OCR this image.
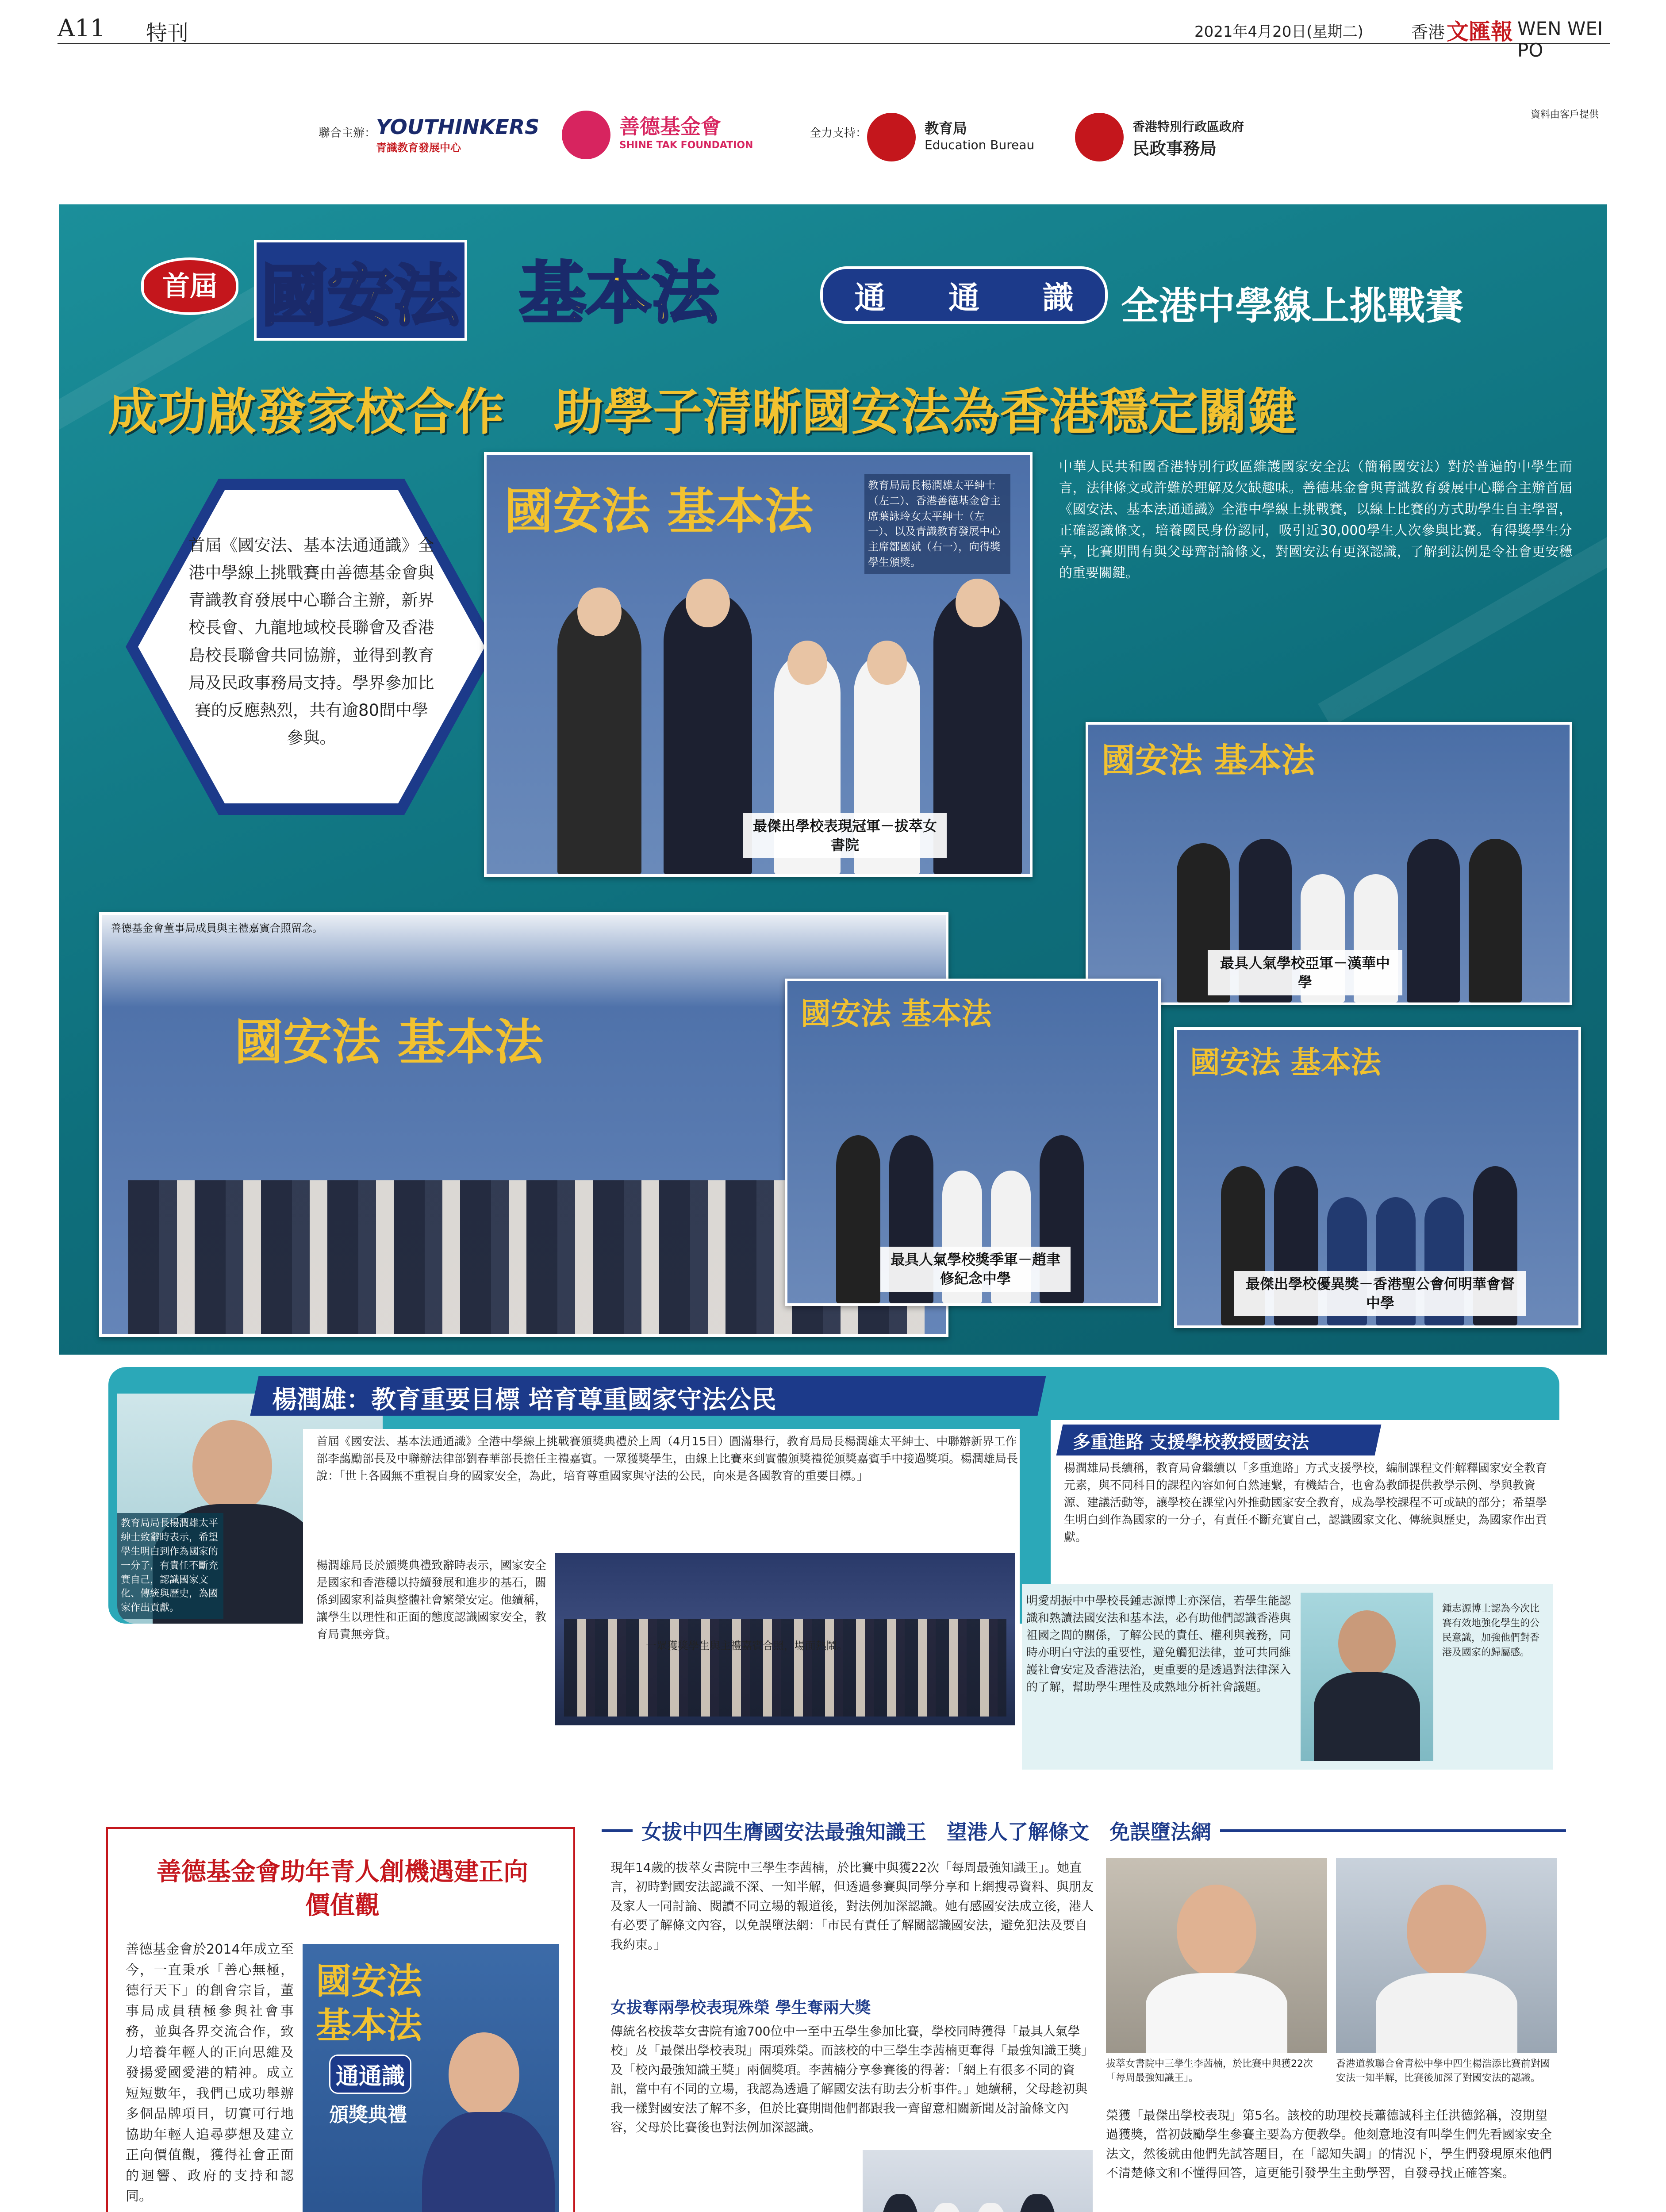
A11 特刊	2021年4月20日(星期二)	香港 文匯報 WEN WEI PO
聯合主辦： YOUTHINKERS
青識教育發展中心
善德基金會
SHINE TAK FOUNDATION
全力支持：	教育局
Education Bureau
香港特別行政區政府
民政事務局
資料由客戶提供
首屆 國安法 基本法	通 通 識 全港中學線上挑戰賽
成功啟發家校合作　助學子清晰國安法為香港穩定關鍵
首屆《國安法、基本法通通識》全港中學線上挑戰賽由善德基金會與青識教育發展中心聯合主辦，新界校長會、九龍地域校長聯會及香港島校長聯會共同協辦，並得到教育局及民政事務局支持。學界參加比賽的反應熱烈，共有逾80間中學參與。
國安法 基本法
最傑出學校表現冠軍－拔萃女書院
教育局局長楊潤雄太平紳士（左二）、香港善德基金會主席葉詠玲女太平紳士（左一）、以及青識教育發展中心主席鄒國斌（右一），向得獎學生頒獎。
中華人民共和國香港特別行政區維護國家安全法（簡稱國安法）對於普遍的中學生而言，法律條文或許難於理解及欠缺趣味。善德基金會與青識教育發展中心聯合主辦首屆《國安法、基本法通通識》全港中學線上挑戰賽，以線上比賽的方式助學生自主學習，正確認識條文，培養國民身份認同，吸引近30,000學生人次參與比賽。有得獎學生分享，比賽期間有與父母齊討論條文，對國安法有更深認識，了解到法例是令社會更安穩的重要關鍵。
國安法 基本法
最具人氣學校亞軍－漢華中學
善德基金會董事局成員與主禮嘉賓合照留念。
國安法 基本法	國安法 基本法
最具人氣學校獎季軍－趙聿修紀念中學
國安法 基本法
最傑出學校優異獎－香港聖公會何明華會督中學
教育局局長楊潤雄太平紳士致辭時表示，希望學生明白到作為國家的一分子，有責任不斷充實自己，認識國家文化、傳統與歷史，為國家作出貢獻。
楊潤雄：教育重要目標 培育尊重國家守法公民
首屆《國安法、基本法通通識》全港中學線上挑戰賽頒獎典禮於上周（4月15日）圓滿舉行，教育局局長楊潤雄太平紳士、中聯辦新界工作部李藹勵部長及中聯辦法律部劉春華部長擔任主禮嘉賓。一眾獲獎學生，由線上比賽來到實體頒獎禮從頒獎嘉賓手中接過獎項。楊潤雄局長說：「世上各國無不重視自身的國家安全，為此，培育尊重國家與守法的公民，向來是各國教育的重要目標。」
楊潤雄局長於頒獎典禮致辭時表示，國家安全是國家和香港穩以持續發展和進步的基石，關係到國家利益與整體社會繁榮安定。他續稱，讓學生以理性和正面的態度認識國家安全，教育局責無旁貸。
多重進路 支援學校教授國安法
楊潤雄局長續稱，教育局會繼續以「多重進路」方式支援學校，編制課程文件解釋國家安全教育元素，與不同科目的課程內容如何自然連繫，有機結合，也會為教師提供教學示例、學與教資源、建議活動等，讓學校在課堂內外推動國家安全教育，成為學校課程不可或缺的部分；希望學生明白到作為國家的一分子，有責任不斷充實自己，認識國家文化、傳統與歷史，為國家作出貢獻。
一眾獲獎學生與主禮嘉賓合照，場面熱鬧。
明愛胡振中中學校長鍾志源博士亦深信，若學生能認識和熟讀法國安法和基本法，必有助他們認識香港與祖國之間的關係，了解公民的責任、權利與義務，同時亦明白守法的重要性，避免觸犯法律，並可共同維護社會安定及香港法治，更重要的是透過對法律深入的了解，幫助學生理性及成熟地分析社會議題。
鍾志源博士認為今次比賽有效地強化學生的公民意識，加強他們對香港及國家的歸屬感。
善德基金會助年青人創機遇建正向價值觀
善德基金會於2014年成立至今，一直秉承「善心無極，德行天下」的創會宗旨，董事局成員積極參與社會事務，並與各界交流合作，致力培養年輕人的正向思維及發揚愛國愛港的精神。成立短短數年，我們已成功舉辦多個品牌項目，切實可行地協助年輕人追尋夢想及建立正向價值觀，獲得社會正面的迴響、政府的支持和認同。
國安法
基本法
通通識
頒獎典禮
女拔中四生膺國安法最強知識王　望港人了解條文　免誤墮法網
現年14歲的拔萃女書院中三學生李茜楠，於比賽中與獲22次「每周最強知識王」。她直言，初時對國安法認識不深、一知半解，但透過參賽與同學分享和上網搜尋資料、與朋友及家人一同討論、閱讀不同立場的報道後，對法例加深認識。她有感國安法成立後，港人有必要了解條文內容，以免誤墮法網：「市民有責任了解關認識國安法，避免犯法及要自我約束。」
女拔奪兩學校表現殊榮 學生奪兩大獎
傳統名校拔萃女書院有逾700位中一至中五學生參加比賽，學校同時獲得「最具人氣學校」及「最傑出學校表現」兩項殊榮。而該校的中三學生李茜楠更奪得「最強知識王獎」及「校內最強知識王獎」兩個獎項。李茜楠分享參賽後的得著：「網上有很多不同的資訊，當中有不同的立場，我認為透過了解國安法有助去分析事件。」她續稱，父母趁初與我一樣對國安法了解不多，但於比賽期間他們都跟我一齊留意相關新聞及討論條文內容，父母於比賽後也對法例加深認識。
拔萃女書院中三學生李茜楠，於比賽中與獲22次「每周最強知識王」。
香港道教聯合會青松中學中四生楊浩添比賽前對國安法一知半解，比賽後加深了對國安法的認識。
榮獲「最傑出學校表現」第5名。該校的助理校長蕭德誠科主任洪德銘稱，沒期望過獲獎，當初鼓勵學生參賽主要為方便教學。他刻意地沒有叫學生們先看國家安全法文，然後就由他們先試答題目，在「認知失調」的情況下，學生們發現原來他們不清楚條文和不懂得回答，這更能引發學生主動學習，自發尋找正確答案。
